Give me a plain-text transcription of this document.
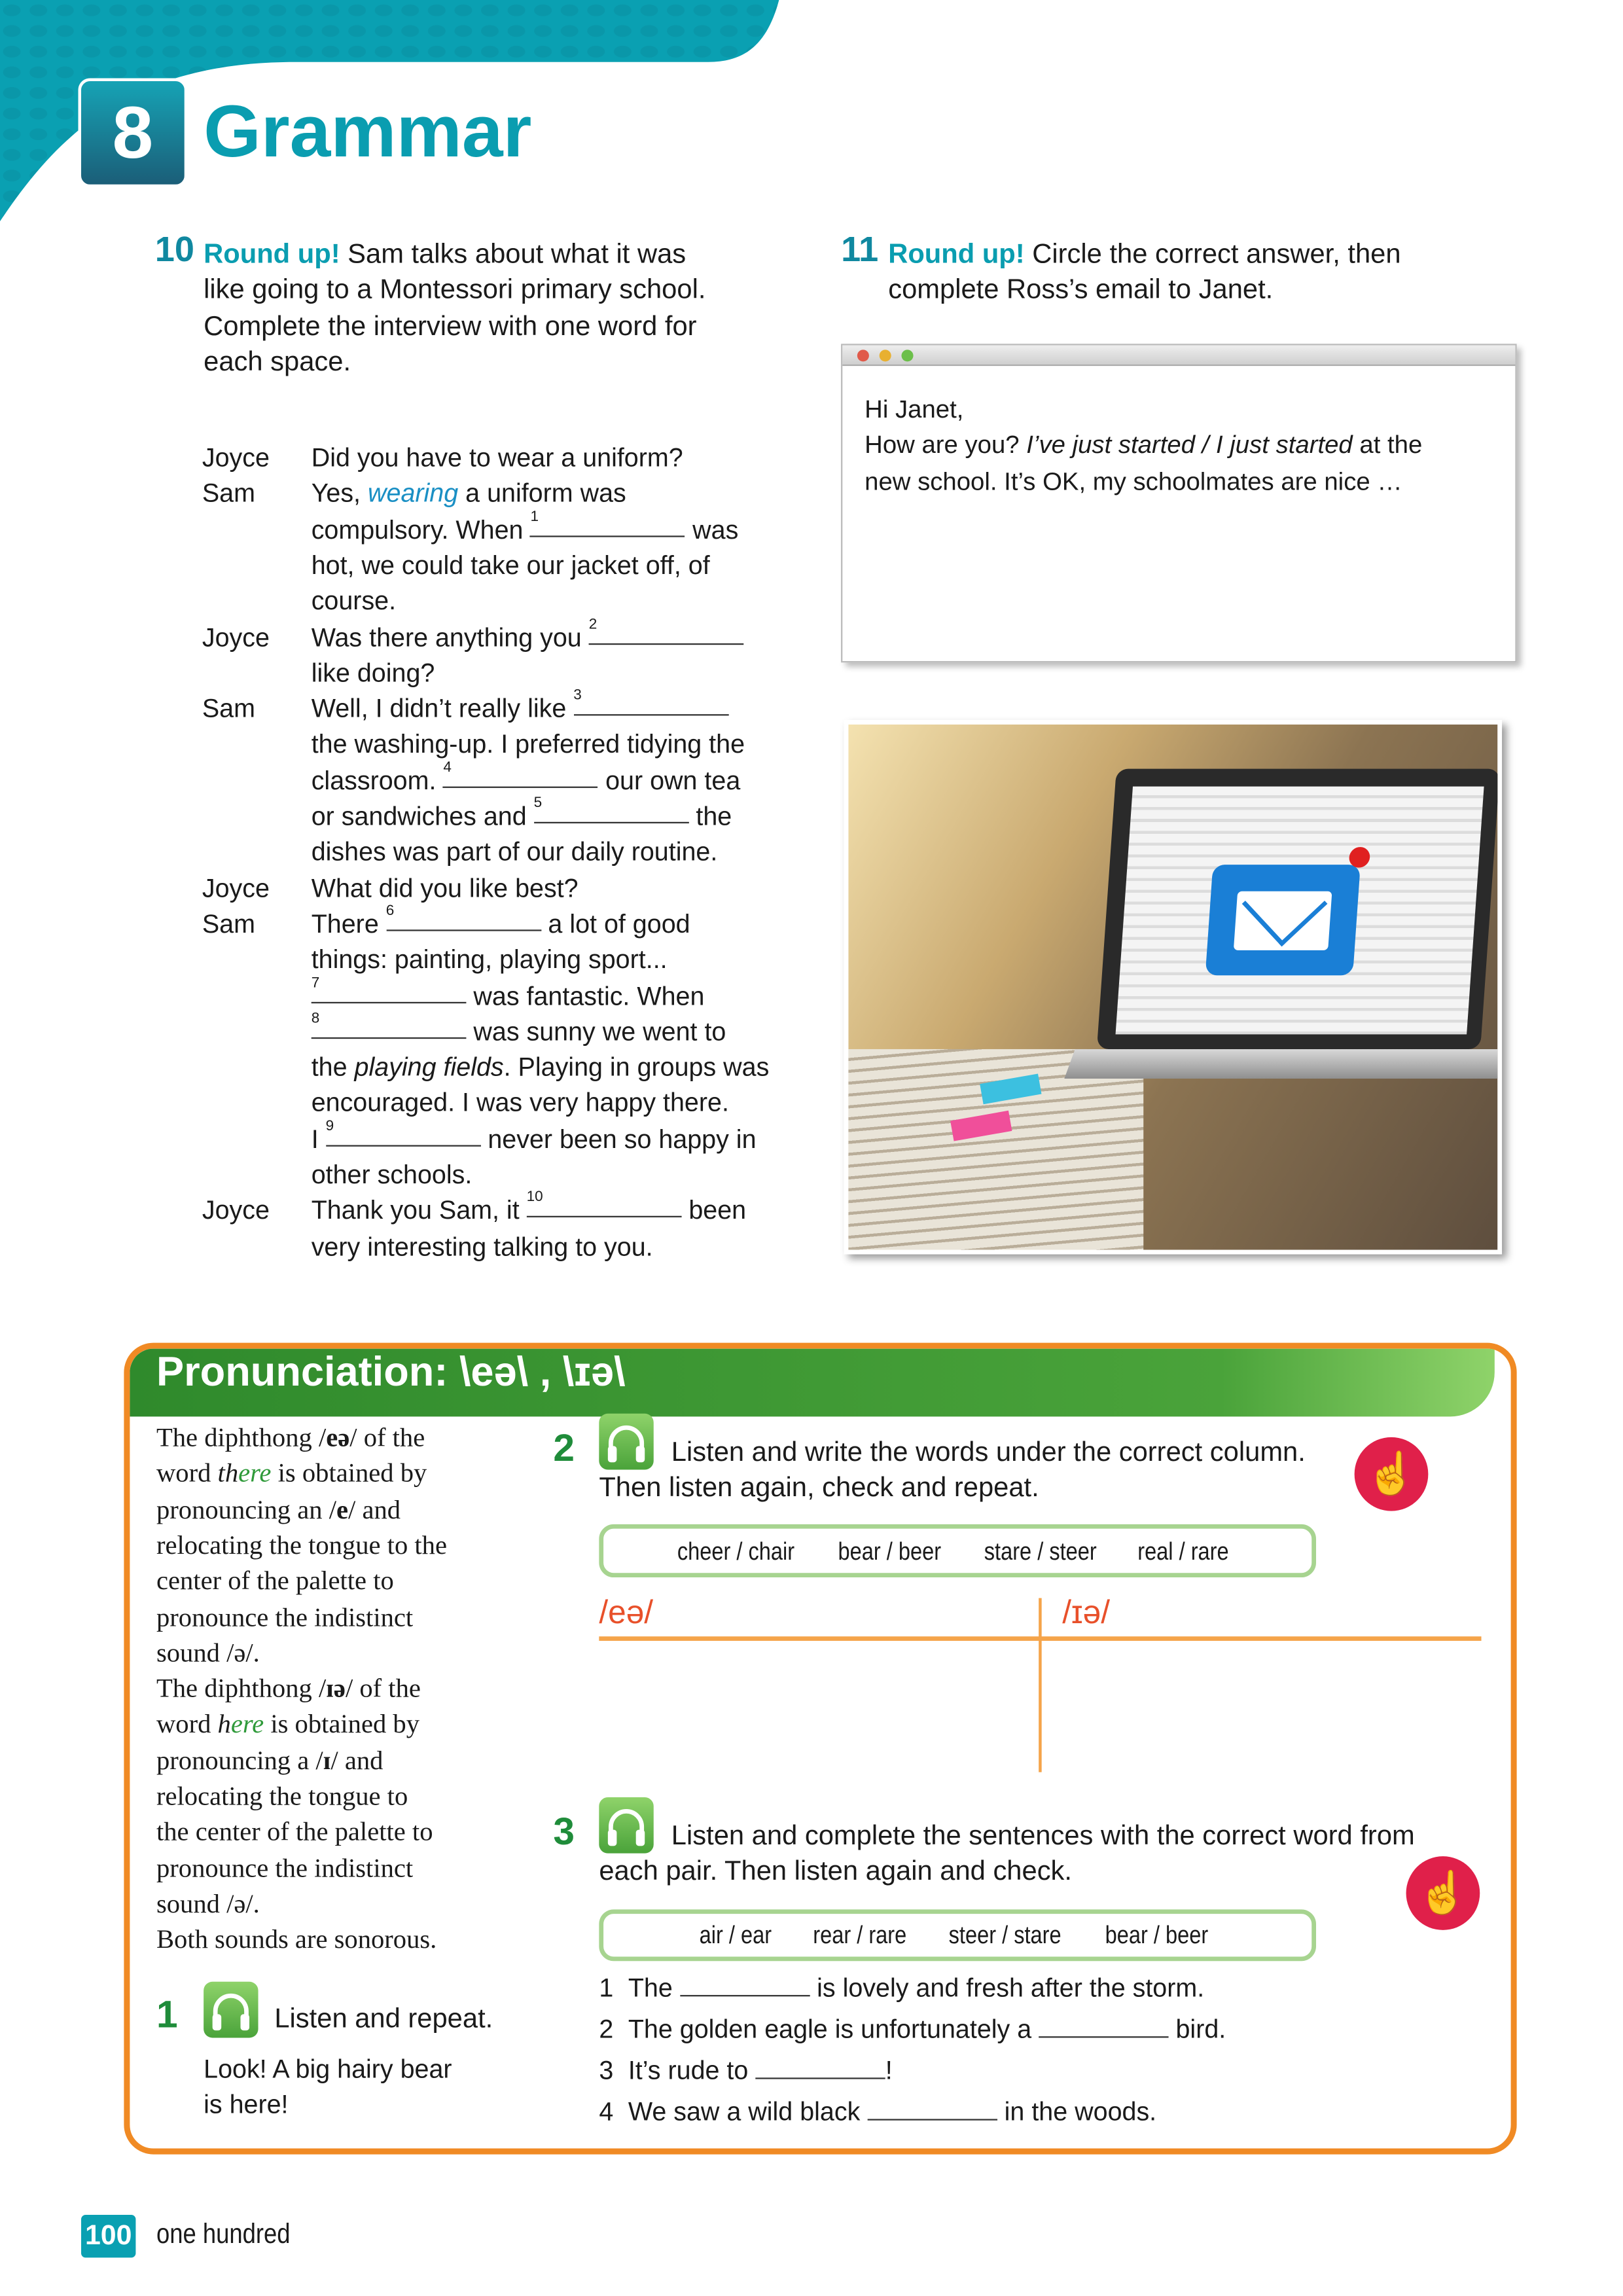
8	Grammar
10 Round up! Sam talks about what it was
like going to a Montessori primary school.
Complete the interview with one word for
each space.
Joyce	Did you have to wear a uniform?
Sam	Yes, wearing a uniform was
compulsory. When $^1$	was
hot, we could take our jacket off, of
course.
Joyce	Was there anything you $^2$
like doing?
Sam	Well, I didn’t really like $^3$
the washing-up. I preferred tidying the
classroom. $^4$	our own tea
or sandwiches and $^5$	the
dishes was part of our daily routine.
Joyce	What did you like best?
Sam	There $^6$	a lot of good
things: painting, playing sport...
$^7$	was fantastic. When
$^8$	was sunny we went to
the playing fields. Playing in groups was
encouraged. I was very happy there.
I $^9$	never been so happy in
other schools.
Joyce	Thank you Sam, it $^{10}$	been
very interesting talking to you.
11 Round up! Circle the correct answer, then
complete Ross’s email to Janet.
Hi Janet,
How are you? I’ve just started / I just started at the
new school. It’s OK, my schoolmates are nice …
Pronunciation: \eə\ , \ɪə\
The diphthong /eə/ of the
word there is obtained by
pronouncing an /e/ and
relocating the tongue to the
center of the palette to
pronounce the indistinct
sound /ə/.
The diphthong /ɪə/ of the
word here is obtained by
pronouncing a /ɪ/ and
relocating the tongue to
the center of the palette to
pronounce the indistinct
sound /ə/.
Both sounds are sonorous.
1	Listen and repeat.
Look! A big hairy bear
is here!
2	Listen and write the words under the correct column.
Then listen again, check and repeat.	☝
cheer / chair	bear / beer	stare / steer	real / rare
/eə/	/ɪə/
3	Listen and complete the sentences with the correct word from
each pair. Then listen again and check.	☝
air / ear	rear / rare	steer / stare	bear / beer
1 The	is lovely and fresh after the storm.
2 The golden eagle is unfortunately a	bird.
3 It’s rude to	!
4 We saw a wild black	in the woods.
100	one hundred
